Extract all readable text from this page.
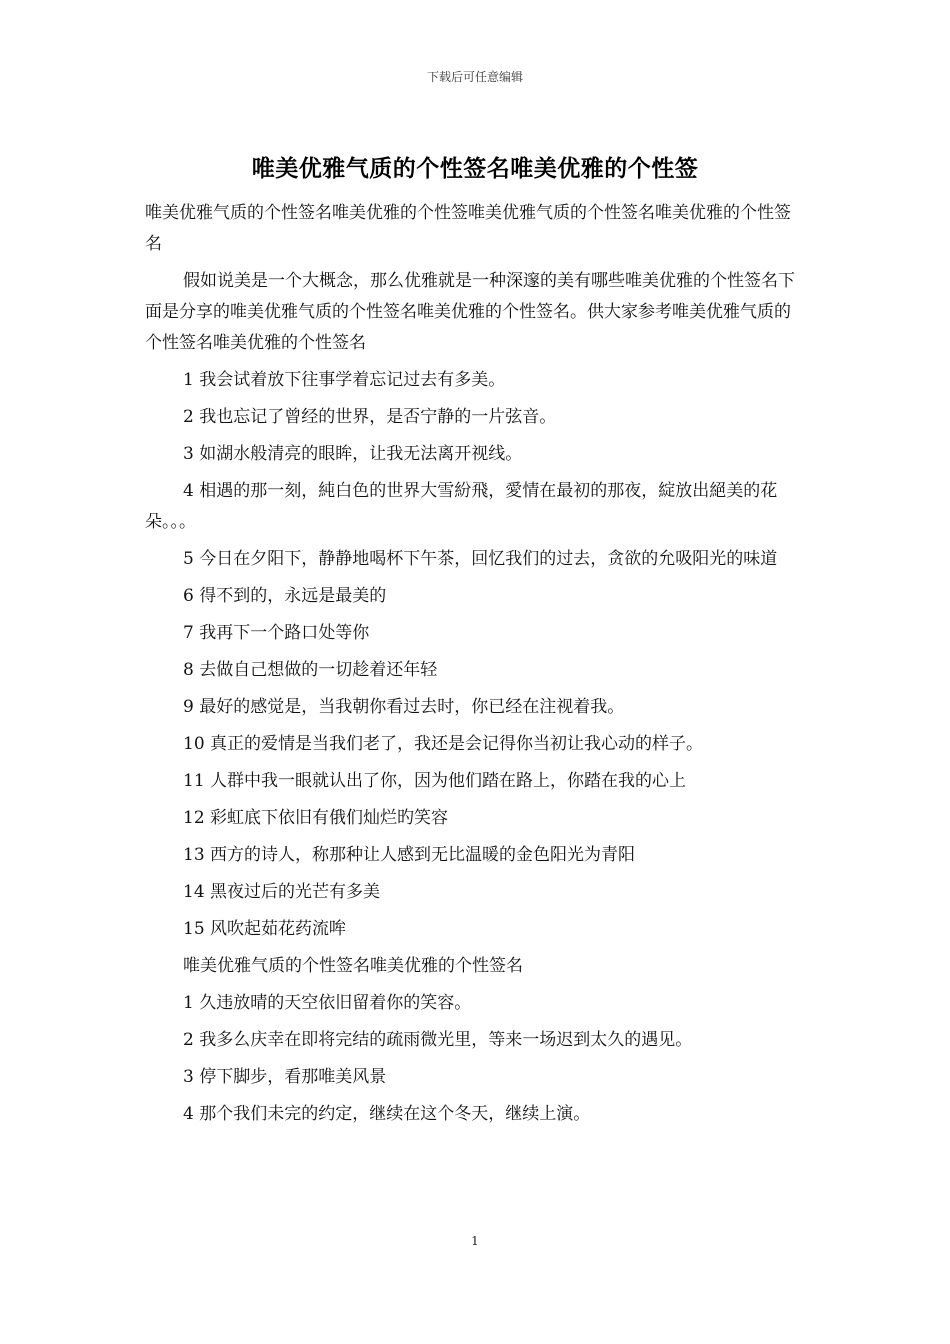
下载后可任意编辑
唯美优雅气质的个性签名唯美优雅的个性签

唯美优雅气质的个性签名唯美优雅的个性签唯美优雅气质的个性签名唯美优雅的个性签名

假如说美是一个大概念，那么优雅就是一种深邃的美有哪些唯美优雅的个性签名下面是分享的唯美优雅气质的个性签名唯美优雅的个性签名。供大家参考唯美优雅气质的个性签名唯美优雅的个性签名

1 我会试着放下往事学着忘记过去有多美。

2 我也忘记了曾经的世界，是否宁静的一片弦音。

3 如湖水般清亮的眼眸，让我无法离开视线。

4 相遇的那一刻，純白色的世界大雪紛飛，愛情在最初的那夜，綻放出絕美的花朵。。。

5 今日在夕阳下，静静地喝杯下午茶，回忆我们的过去，贪欲的允吸阳光的味道

6 得不到的，永远是最美的

7 我再下一个路口处等你

8 去做自己想做的一切趁着还年轻

9 最好的感觉是，当我朝你看过去时，你已经在注视着我。

10 真正的爱情是当我们老了，我还是会记得你当初让我心动的样子。

11 人群中我一眼就认出了你，因为他们踏在路上，你踏在我的心上

12 彩虹底下依旧有俄们灿烂旳笑容

13 西方的诗人，称那种让人感到无比温暖的金色阳光为青阳

14 黑夜过后的光芒有多美

15 风吹起茹花药流哞

唯美优雅气质的个性签名唯美优雅的个性签名

1 久违放晴的天空依旧留着你的笑容。

2 我多么庆幸在即将完结的疏雨微光里，等来一场迟到太久的遇见。

3 停下脚步，看那唯美风景

4 那个我们未完的约定，继续在这个冬天，继续上演。

1
